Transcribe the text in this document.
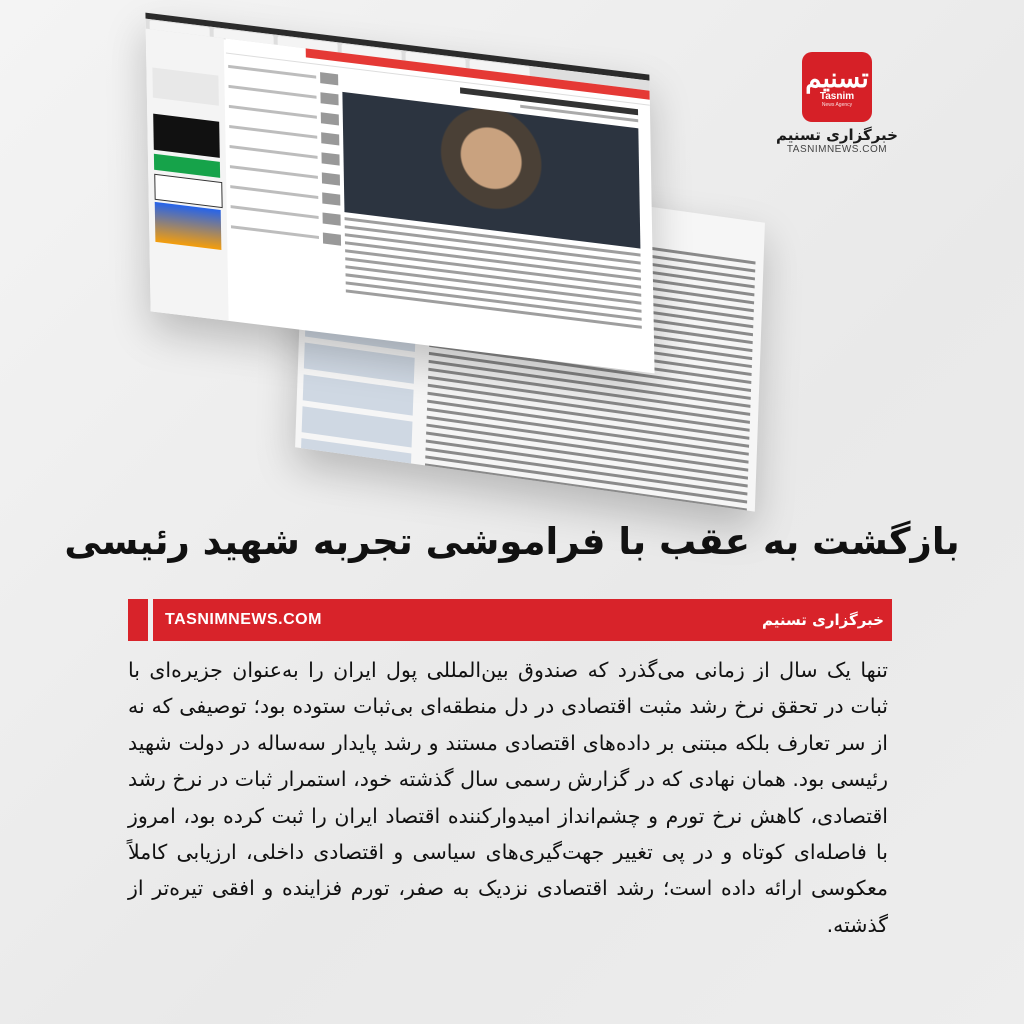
تسنیم
Tasnim
News Agency
خبرگزاری تسنیم
TASNIMNEWS.COM
بازگشت به عقب با فراموشی تجربه شهید رئیسی
TASNIMNEWS.COM	خبرگزاری تسنیم

تنها یک سال از زمانی می‌گذرد که صندوق بین‌المللی پول ایران را به‌عنوان جزیره‌ای با ثبات در تحقق نرخ رشد مثبت اقتصادی در دل منطقه‌ای بی‌ثبات ستوده بود؛ توصیفی که نه از سر تعارف بلکه مبتنی بر داده‌های اقتصادی مستند و رشد پایدار سه‌ساله در دولت شهید رئیسی بود. همان نهادی که در گزارش رسمی سال گذشته خود، استمرار ثبات در نرخ رشد اقتصادی، کاهش نرخ تورم و چشم‌انداز امیدوارکننده اقتصاد ایران را ثبت کرده بود، امروز با فاصله‌ای کوتاه و در پی تغییر جهت‌گیری‌های سیاسی و اقتصادی داخلی، ارزیابی کاملاً معکوسی ارائه داده است؛ رشد اقتصادی نزدیک به صفر، تورم فزاینده و افقی تیره‌تر از گذشته.
